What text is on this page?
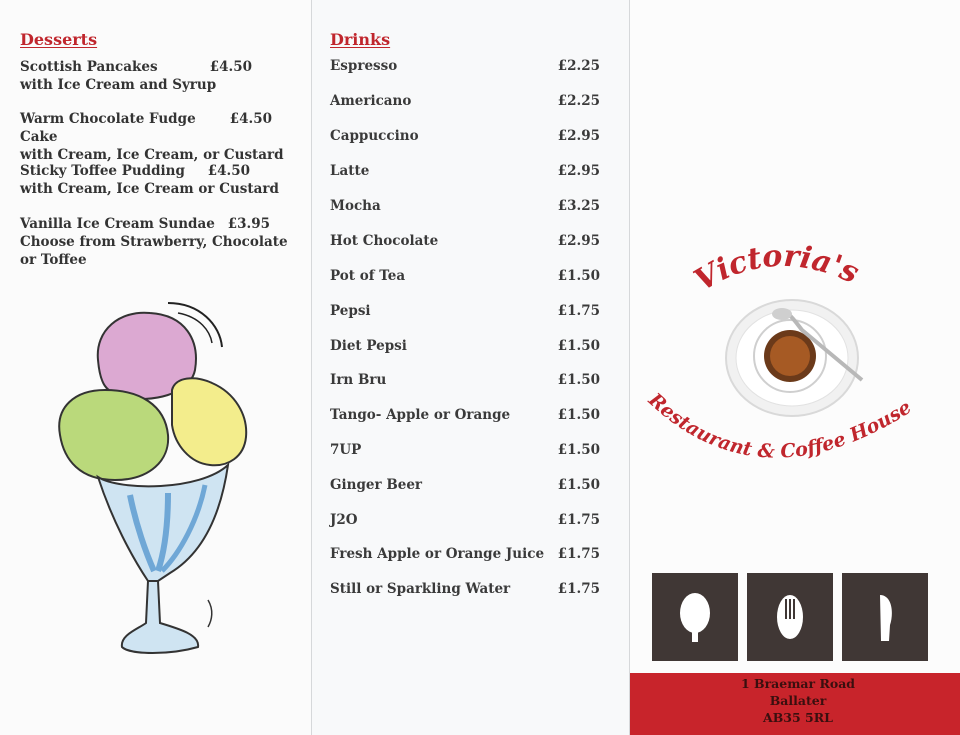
Desserts
Scottish Pancakes	£4.50
with Ice Cream and Syrup
Warm Chocolate Fudge Cake
£4.50
with Cream, Ice Cream, or Custard
Sticky Toffee Pudding £4.50
with Cream, Ice Cream or Custard
Vanilla Ice Cream Sundae £3.95
Choose from Strawberry, Chocolate or Toffee
Drinks
Espresso	£2.25
Americano	£2.25
Cappuccino	£2.95
Latte	£2.95
Mocha	£3.25
Hot Chocolate	£2.95
Pot of Tea	£1.50
Pepsi	£1.75
Diet Pepsi	£1.50
Irn Bru	£1.50
Tango- Apple or Orange	£1.50
7UP	£1.50
Ginger Beer	£1.50
J2O	£1.75
Fresh Apple or Orange Juice £1.75
Still or Sparkling Water	£1.75
Victoria's
Restaurant & Coffee House
1 Braemar Road
Ballater
AB35 5RL
